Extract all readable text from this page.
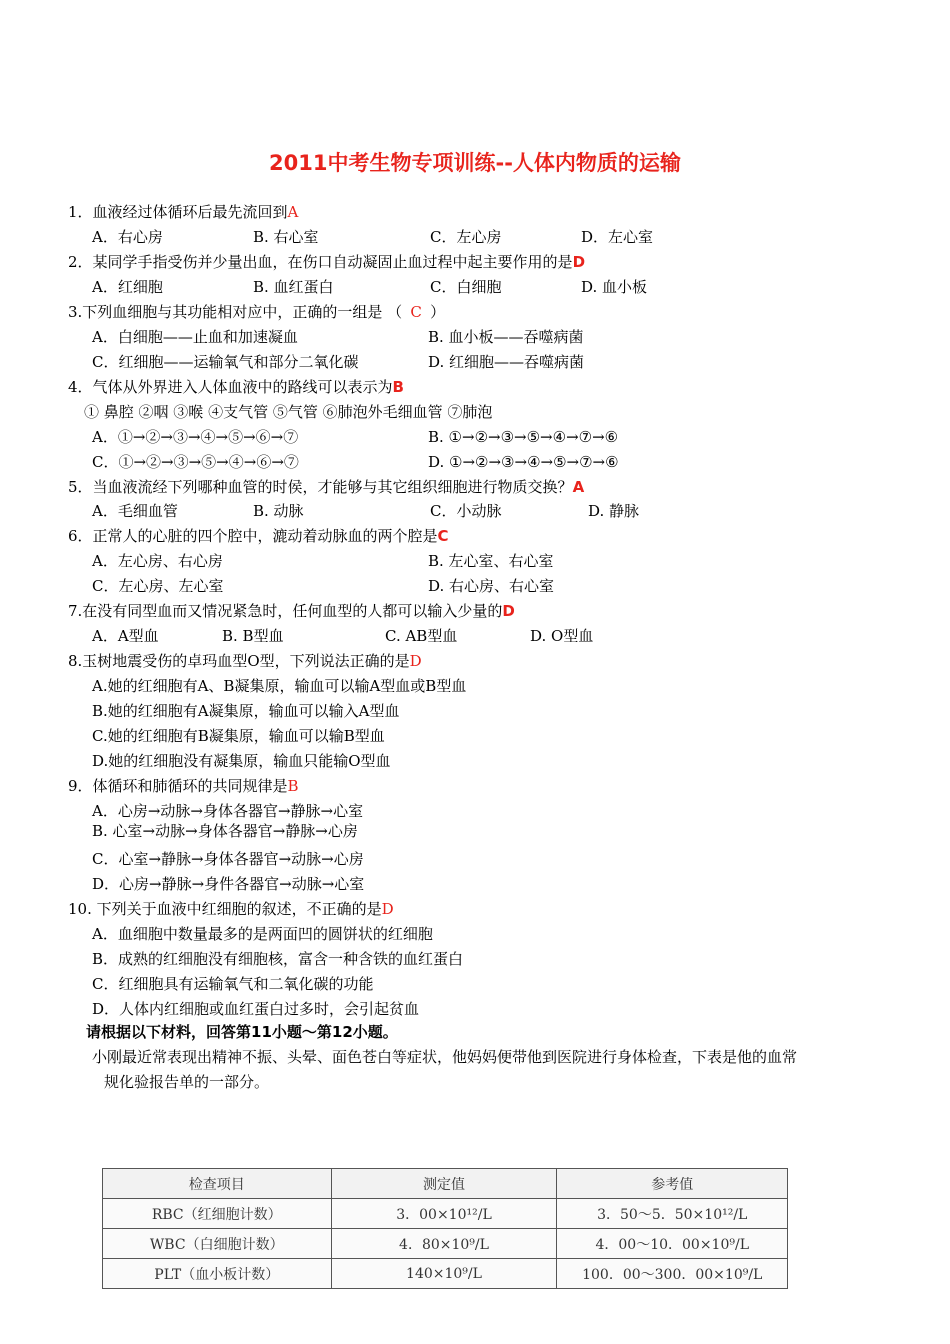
2011中考生物专项训练--人体内物质的运输
1．血液经过体循环后最先流回到A
A．右心房	B. 右心室	C．左心房	D．左心室
2．某同学手指受伤并少量出血，在伤口自动凝固止血过程中起主要作用的是D
A．红细胞	B. 血红蛋白	C．白细胞	D. 血小板
3.下列血细胞与其功能相对应中，正确的一组是 （ C ）
A．白细胞——止血和加速凝血	B. 血小板——吞噬病菌
C．红细胞——运输氧气和部分二氧化碳	D. 红细胞——吞噬病菌
4．气体从外界进入人体血液中的路线可以表示为B
① 鼻腔 ②咽 ③喉 ④支气管 ⑤气管 ⑥肺泡外毛细血管 ⑦肺泡
A．①→②→③→④→⑤→⑥→⑦	B. ①→②→③→⑤→④→⑦→⑥
C．①→②→③→⑤→④→⑥→⑦	D. ①→②→③→④→⑤→⑦→⑥
5．当血液流经下列哪种血管的时侯，才能够与其它组织细胞进行物质交换？A
A．毛细血管	B. 动脉	C．小动脉	D. 静脉
6．正常人的心脏的四个腔中，漉动着动脉血的两个腔是C
A．左心房、右心房	B. 左心室、右心室
C．左心房、左心室	D. 右心房、右心室
7.在没有同型血而又情况紧急时，任何血型的人都可以输入少量的D
A．A型血	B. B型血	C. AB型血	D. O型血
8.玉树地震受伤的卓玛血型O型，下列说法正确的是D
A.她的红细胞有A、B凝集原，输血可以输A型血或B型血
B.她的红细胞有A凝集原，输血可以输入A型血
C.她的红细胞有B凝集原，输血可以输B型血
D.她的红细胞没有凝集原，输血只能输O型血
9．体循环和肺循环的共同规律是B
A．心房→动脉→身体各器官→静脉→心室
B. 心室→动脉→身体各器官→静脉→心房
C．心室→静脉→身体各器官→动脉→心房
D．心房→静脉→身件各器官→动脉→心室
10. 下列关于血液中红细胞的叙述，不正确的是D
A．血细胞中数量最多的是两面凹的圆饼状的红细胞
B．成熟的红细胞没有细胞核，富含一种含铁的血红蛋白
C．红细胞具有运输氧气和二氧化碳的功能
D．人体内红细胞或血红蛋白过多时，会引起贫血
请根据以下材料，回答第11小题～第12小题。
小刚最近常表现出精神不振、头晕、面色苍白等症状，他妈妈便带他到医院进行身体检查，下表是他的血常
规化验报告单的一部分。
检查项目	测定值	参考值
RBC（红细胞计数）	3．00×10¹²/L	3．50～5．50×10¹²/L
WBC（白细胞计数）	4．80×10⁹/L	4．00～10．00×10⁹/L
PLT（血小板计数）	140×10⁹/L	100．00～300．00×10⁹/L
